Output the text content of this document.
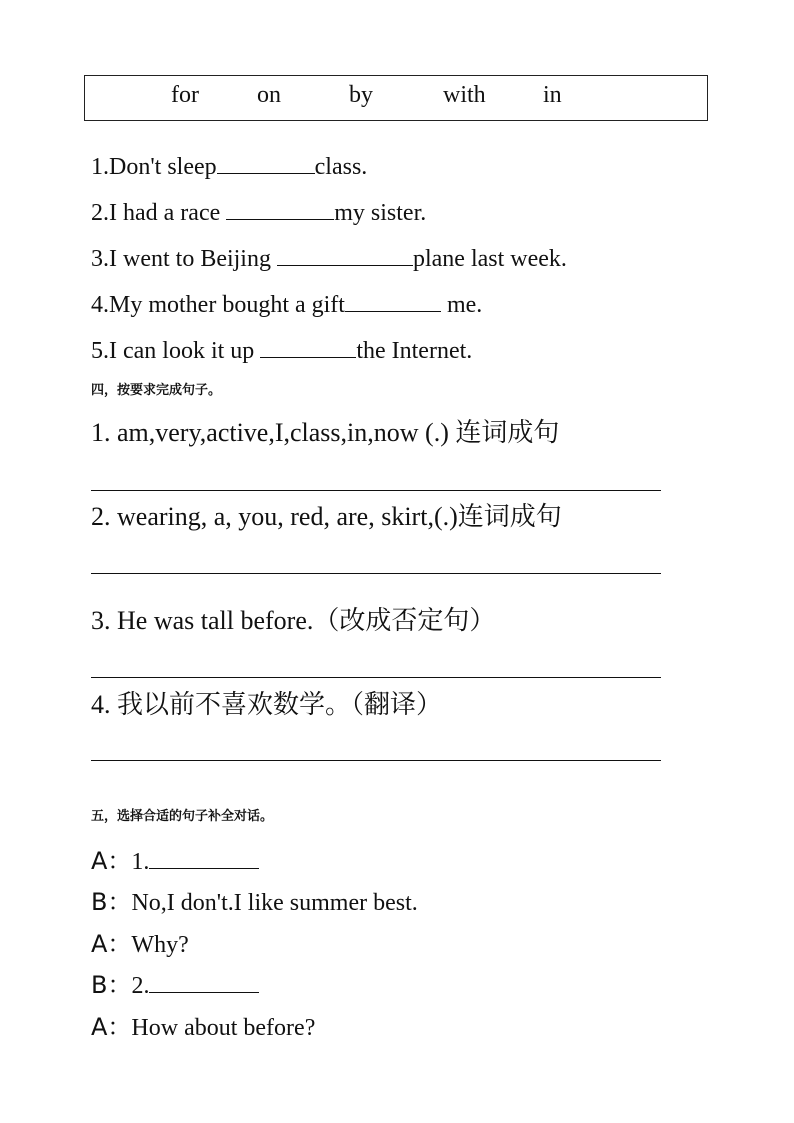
for on	by	with in
1.Don't sleep	class.
2.I had a race	my sister.
3.I went to Beijing	plane last week.
4.My mother bought a gift	me.
5.I can look it up	the Internet.
四，按要求完成句子。
1. am,very,active,I,class,in,now (.) 连词成句
2. wearing, a, you, red, are, skirt,(.)连词成句
3. He was tall before.（改成否定句）
4. 我以前不喜欢数学。（翻译）
五，选择合适的句子补全对话。
A：1.
B：No,I don't.I like summer best.
A：Why?
B：2.
A：How about before?
